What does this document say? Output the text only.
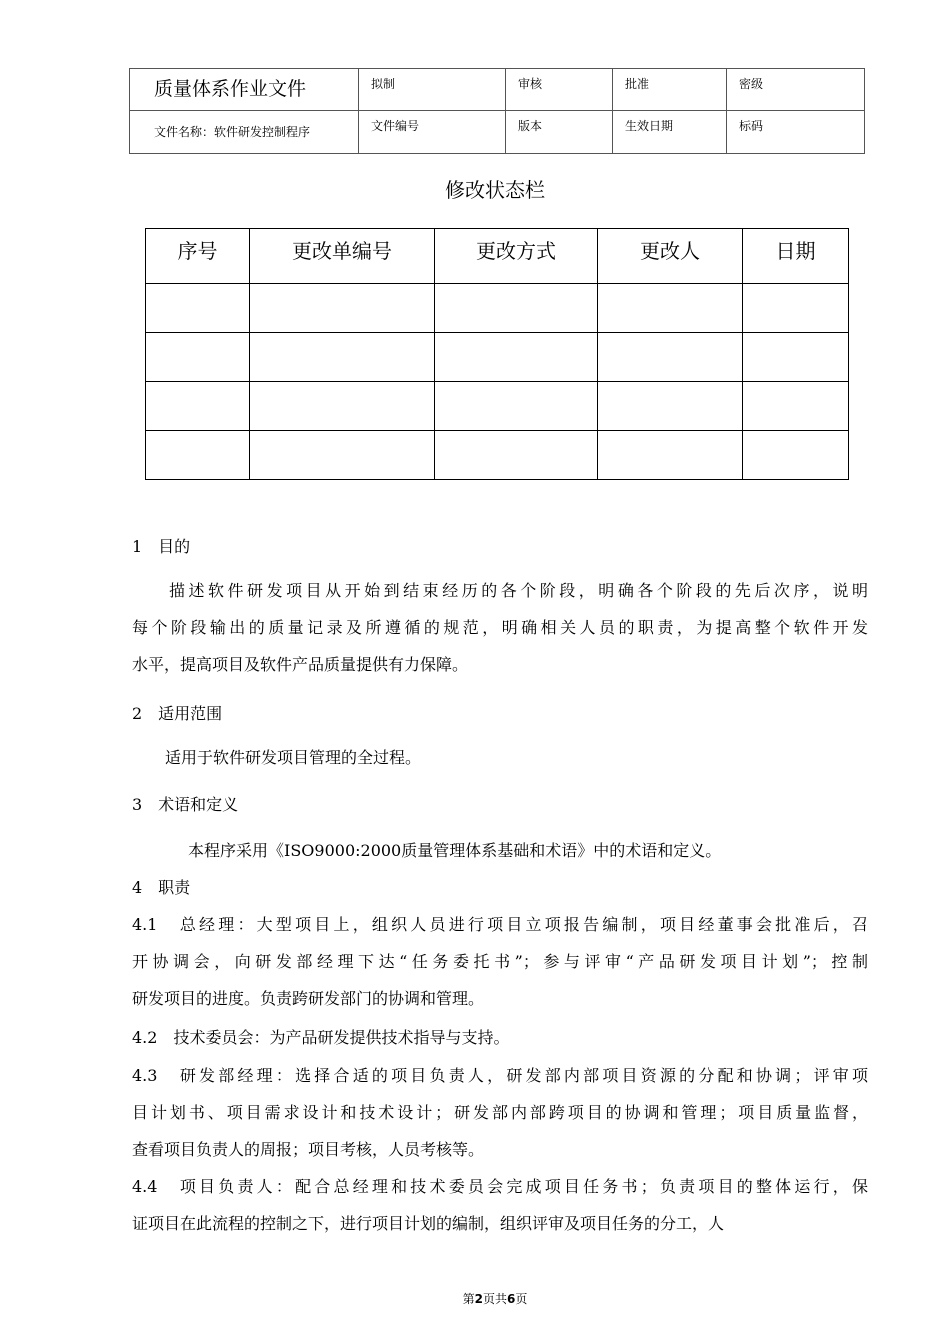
质量体系作业文件	拟制	审核	批准	密级

文件名称：软件研发控制程序	文件编号	版本	生效日期	标码
修改状态栏
序号	更改单编号	更改方式	更改人	日期

1　目的
描述软件研发项目从开始到结束经历的各个阶段，明确各个阶段的先后次序，说明
每个阶段输出的质量记录及所遵循的规范，明确相关人员的职责，为提高整个软件开发
水平，提高项目及软件产品质量提供有力保障。
2　适用范围
适用于软件研发项目管理的全过程。
3　术语和定义
本程序采用《ISO9000:2000质量管理体系基础和术语》中的术语和定义。
4　职责
4.1　总经理：大型项目上，组织人员进行项目立项报告编制，项目经董事会批准后，召
开协调会，向研发部经理下达“任务委托书”；参与评审“产品研发项目计划”；控制
研发项目的进度。负责跨研发部门的协调和管理。
4.2　技术委员会：为产品研发提供技术指导与支持。
4.3　研发部经理：选择合适的项目负责人，研发部内部项目资源的分配和协调；评审项
目计划书、项目需求设计和技术设计；研发部内部跨项目的协调和管理；项目质量监督，
查看项目负责人的周报；项目考核，人员考核等。
4.4　项目负责人：配合总经理和技术委员会完成项目任务书；负责项目的整体运行，保
证项目在此流程的控制之下，进行项目计划的编制，组织评审及项目任务的分工，人
第2页共6页
